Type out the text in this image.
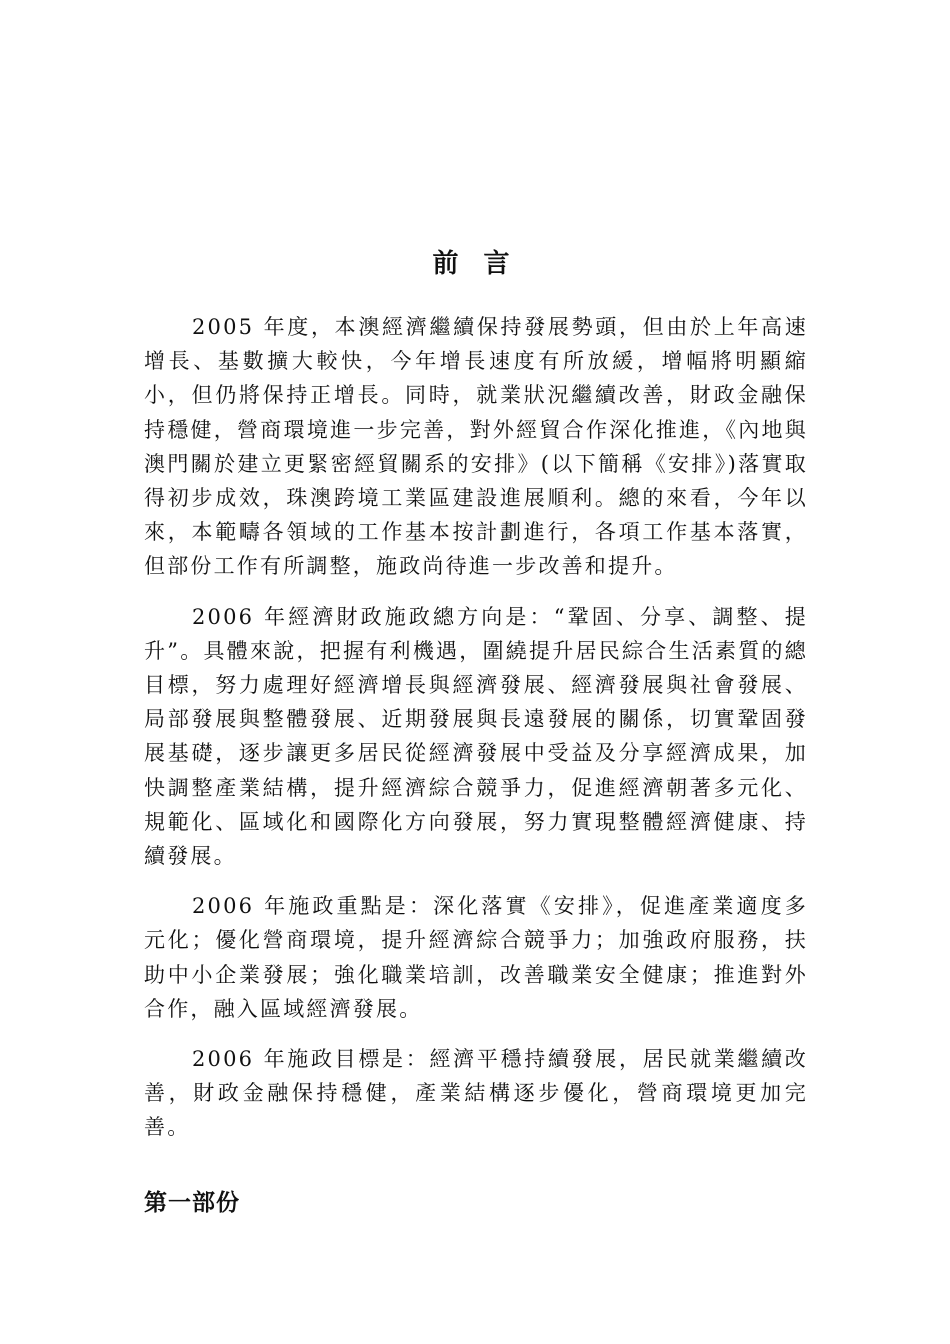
前 言

2005 年度，本澳經濟繼續保持發展勢頭，但由於上年高速增長、基數擴大較快，今年增長速度有所放緩，增幅將明顯縮小，但仍將保持正增長。同時，就業狀況繼續改善，財政金融保持穩健，營商環境進一步完善，對外經貿合作深化推進，《內地與澳門關於建立更緊密經貿關系的安排》(以下簡稱《安排》)落實取得初步成效，珠澳跨境工業區建設進展順利。總的來看，今年以來，本範疇各領域的工作基本按計劃進行，各項工作基本落實，但部份工作有所調整，施政尚待進一步改善和提升。

2006 年經濟財政施政總方向是：“鞏固、分享、調整、提升”。具體來說，把握有利機遇，圍繞提升居民綜合生活素質的總目標，努力處理好經濟增長與經濟發展、經濟發展與社會發展、局部發展與整體發展、近期發展與長遠發展的關係，切實鞏固發展基礎，逐步讓更多居民從經濟發展中受益及分享經濟成果，加快調整產業結構，提升經濟綜合競爭力，促進經濟朝著多元化、規範化、區域化和國際化方向發展，努力實現整體經濟健康、持續發展。

2006 年施政重點是：深化落實《安排》，促進產業適度多元化；優化營商環境，提升經濟綜合競爭力；加強政府服務，扶助中小企業發展；強化職業培訓，改善職業安全健康；推進對外合作，融入區域經濟發展。

2006 年施政目標是：經濟平穩持續發展，居民就業繼續改善，財政金融保持穩健，產業結構逐步優化，營商環境更加完善。

第一部份
